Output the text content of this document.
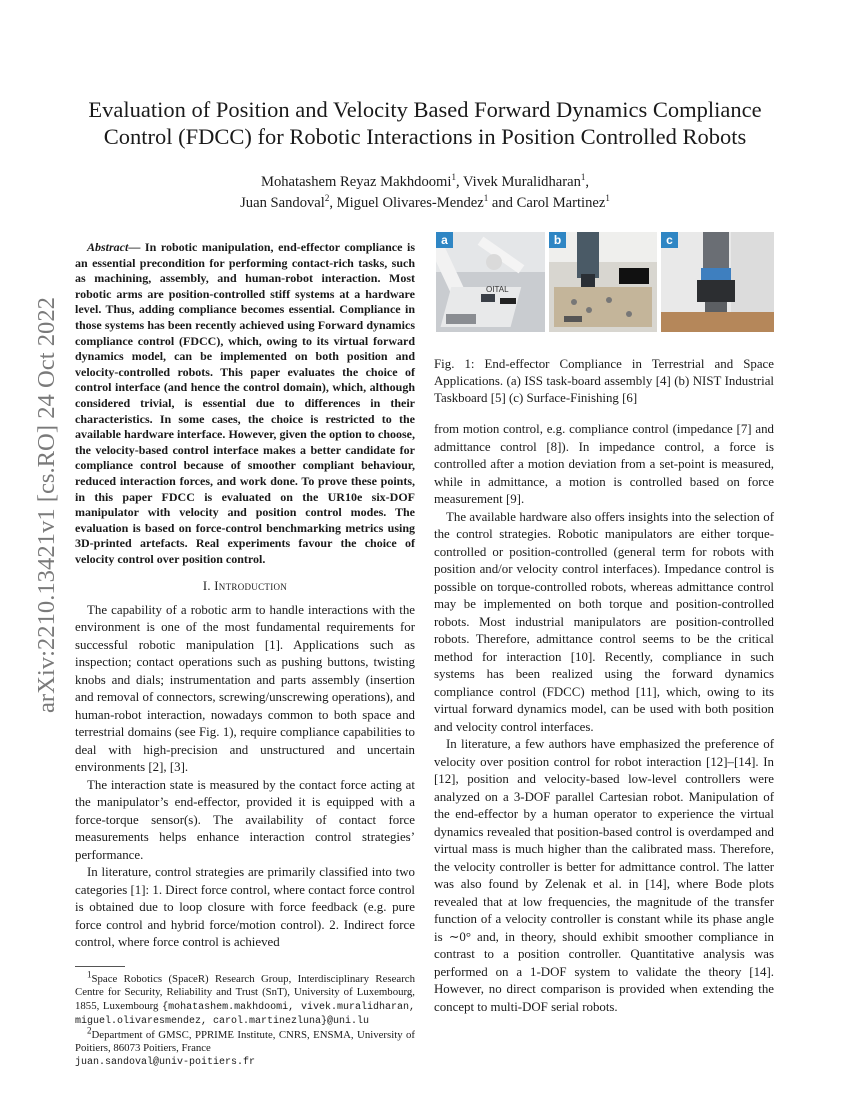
arXiv:2210.13421v1 [cs.RO] 24 Oct 2022
Evaluation of Position and Velocity Based Forward Dynamics Compliance Control (FDCC) for Robotic Interactions in Position Controlled Robots
Mohatashem Reyaz Makhdoomi$^1$, Vivek Muralidharan$^1$,
Juan Sandoval$^2$, Miguel Olivares-Mendez$^1$ and Carol Martinez$^1$

Abstract— In robotic manipulation, end-effector compliance is an essential precondition for performing contact-rich tasks, such as machining, assembly, and human-robot interaction. Most robotic arms are position-controlled stiff systems at a hardware level. Thus, adding compliance becomes essential. Compliance in those systems has been recently achieved using Forward dynamics compliance control (FDCC), which, owing to its virtual forward dynamics model, can be implemented on both position and velocity-controlled robots. This paper evaluates the choice of control interface (and hence the control domain), which, although considered trivial, is essential due to differences in their characteristics. In some cases, the choice is restricted to the available hardware interface. However, given the option to choose, the velocity-based control interface makes a better candidate for compliance control because of smoother compliant behaviour, reduced interaction forces, and work done. To prove these points, in this paper FDCC is evaluated on the UR10e six-DOF manipulator with velocity and position control modes. The evaluation is based on force-control benchmarking metrics using 3D-printed artefacts. Real experiments favour the choice of velocity control over position control.

I. Introduction

The capability of a robotic arm to handle interactions with the environment is one of the most fundamental requirements for successful robotic manipulation [1]. Applications such as inspection; contact operations such as pushing buttons, twisting knobs and dials; instrumentation and parts assembly (insertion and removal of connectors, screwing/unscrewing operations), and human-robot interaction, nowadays common to both space and terrestrial domains (see Fig. 1), require compliance capabilities to deal with high-precision and unstructured and uncertain environments [2], [3].

The interaction state is measured by the contact force acting at the manipulator’s end-effector, provided it is equipped with a force-torque sensor(s). The availability of contact force measurements helps enhance interaction control strategies’ performance.

In literature, control strategies are primarily classified into two categories [1]: 1. Direct force control, where contact force control is obtained due to loop closure with force feedback (e.g. pure force control and hybrid force/motion control). 2. Indirect force control, where force control is achieved

$^1$Space Robotics (SpaceR) Research Group, Interdisciplinary Research Centre for Security, Reliability and Trust (SnT), University of Luxembourg, 1855, Luxembourg {mohatashem.makhdoomi, vivek.muralidharan, miguel.olivaresmendez, carol.martinezluna}@uni.lu

$^2$Department of GMSC, PPRIME Institute, CNRS, ENSMA, University of Poitiers, 86073 Poitiers, France
juan.sandoval@univ-poitiers.fr

OITAL
a	b	c

Fig. 1: End-effector Compliance in Terrestrial and Space Applications. (a) ISS task-board assembly [4] (b) NIST Industrial Taskboard [5] (c) Surface-Finishing [6]

from motion control, e.g. compliance control (impedance [7] and admittance control [8]). In impedance control, a force is controlled after a motion deviation from a set-point is measured, while in admittance, a motion is controlled based on force measurement [9].

The available hardware also offers insights into the selection of the control strategies. Robotic manipulators are either torque-controlled or position-controlled (general term for robots with position and/or velocity control interfaces). Impedance control is possible on torque-controlled robots, whereas admittance control may be implemented on both torque and position-controlled robots. Most industrial manipulators are position-controlled robots. Therefore, admittance control seems to be the critical method for interaction [10]. Recently, compliance in such systems has been realized using the forward dynamics compliance control (FDCC) method [11], which, owing to its virtual forward dynamics model, can be used with both position and velocity control interfaces.

In literature, a few authors have emphasized the preference of velocity over position control for robot interaction [12]–[14]. In [12], position and velocity-based low-level controllers were analyzed on a 3-DOF parallel Cartesian robot. Manipulation of the end-effector by a human operator to experience the virtual dynamics revealed that position-based control is overdamped and virtual mass is much higher than the calibrated mass. Therefore, the velocity controller is better for admittance control. The latter was also found by Zelenak et al. in [14], where Bode plots revealed that at low frequencies, the magnitude of the transfer function of a velocity controller is constant while its phase angle is ∼0° and, in theory, should exhibit smoother compliance in contrast to a position controller. Quantitative analysis was performed on a 1-DOF system to validate the theory [14]. However, no direct comparison is provided when extending the concept to multi-DOF serial robots.
